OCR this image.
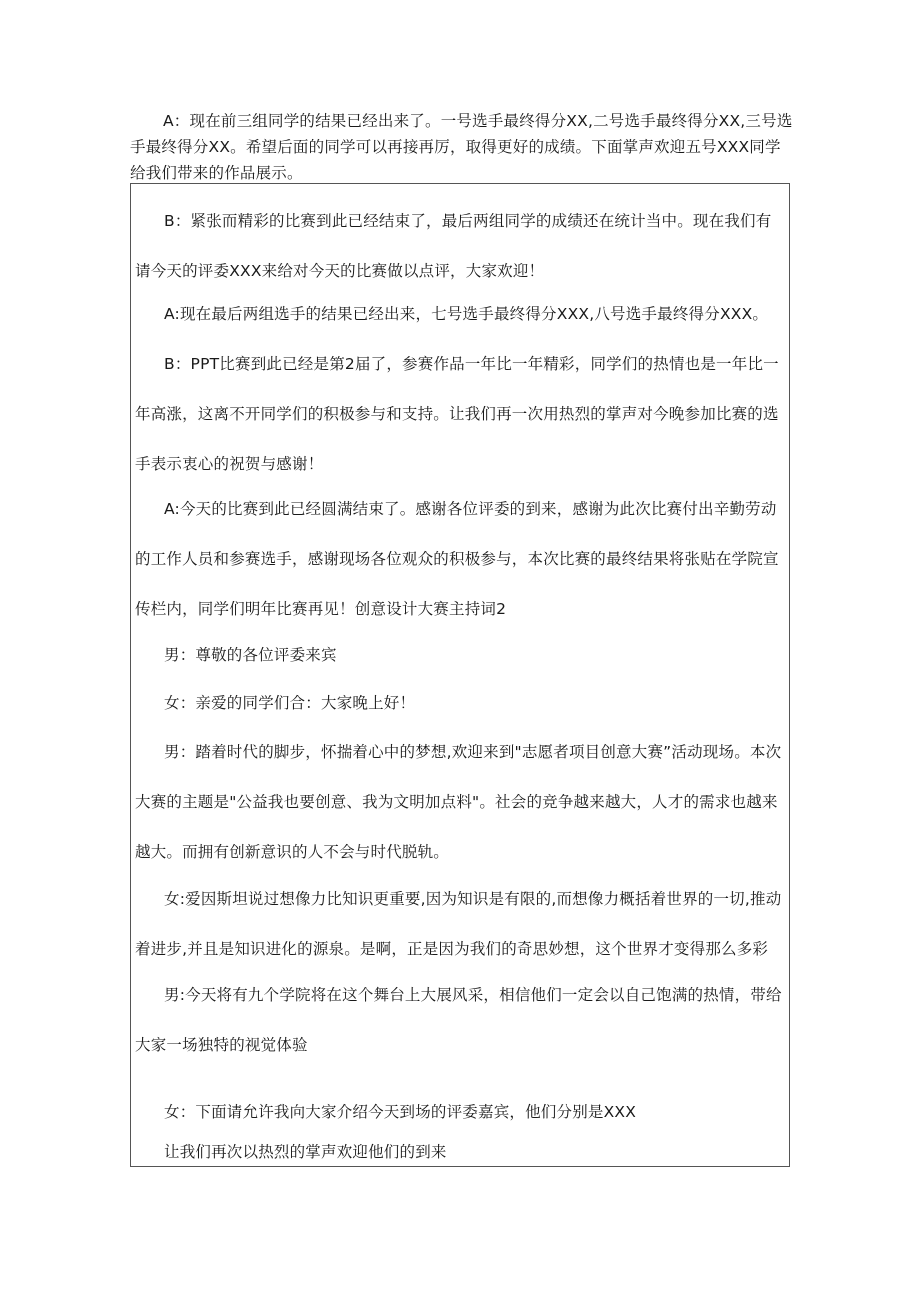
A：现在前三组同学的结果已经出来了。一号选手最终得分XX,二号选手最终得分XX,三号选手最终得分XX。希望后面的同学可以再接再厉，取得更好的成绩。下面掌声欢迎五号XXX同学给我们带来的作品展示。

B：紧张而精彩的比赛到此已经结束了，最后两组同学的成绩还在统计当中。现在我们有请今天的评委XXX来给对今天的比赛做以点评，大家欢迎！

A:现在最后两组选手的结果已经出来，七号选手最终得分XXX,八号选手最终得分XXX。

B：PPT比赛到此已经是第2届了，参赛作品一年比一年精彩，同学们的热情也是一年比一年高涨，这离不开同学们的积极参与和支持。让我们再一次用热烈的掌声对今晚参加比赛的选手表示衷心的祝贺与感谢！

A:今天的比赛到此已经圆满结束了。感谢各位评委的到来，感谢为此次比赛付出辛勤劳动的工作人员和参赛选手，感谢现场各位观众的积极参与，本次比赛的最终结果将张贴在学院宣传栏内，同学们明年比赛再见！创意设计大赛主持词2

男：尊敬的各位评委来宾

女：亲爱的同学们合：大家晚上好！

男：踏着时代的脚步，怀揣着心中的梦想,欢迎来到"志愿者项目创意大赛”活动现场。本次大赛的主题是"公益我也要创意、我为文明加点料"。社会的竞争越来越大，人才的需求也越来越大。而拥有创新意识的人不会与时代脱轨。

女:爱因斯坦说过想像力比知识更重要,因为知识是有限的,而想像力概括着世界的一切,推动着进步,并且是知识进化的源泉。是啊，正是因为我们的奇思妙想，这个世界才变得那么多彩

男:今天将有九个学院将在这个舞台上大展风采，相信他们一定会以自己饱满的热情，带给大家一场独特的视觉体验

女：下面请允许我向大家介绍今天到场的评委嘉宾，他们分别是XXX

让我们再次以热烈的掌声欢迎他们的到来
